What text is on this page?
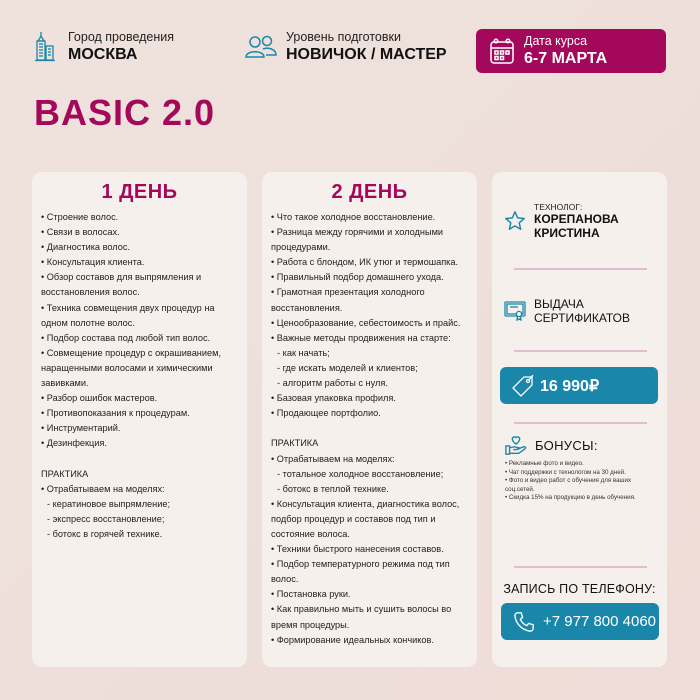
Город проведения
МОСКВА
Уровень подготовки
НОВИЧОК / МАСТЕР
Дата курса
6-7 МАРТА
BASIC 2.0
1 ДЕНЬ
• Строение волос.
• Связи в волосах.
• Диагностика волос.
• Консультация клиента.
• Обзор составов для выпрямления и восстановления волос.
• Техника совмещения двух процедур на одном полотне волос.
• Подбор состава под любой тип волос.
• Совмещение процедур с окрашиванием, наращенными волосами и химическими завивками.
• Разбор ошибок мастеров.
• Противопоказания к процедурам.
• Инструментарий.
• Дезинфекция.
ПРАКТИКА
• Отрабатываем на моделях:
- кератиновое выпрямление;
- экспресс восстановление;
- ботокс в горячей технике.
2 ДЕНЬ
• Что такое холодное восстановление.
• Разница между горячими и холодными процедурами.
• Работа с блондом, ИК утюг и термошапка.
• Правильный подбор домашнего ухода.
• Грамотная презентация холодного восстановления.
• Ценообразование, себестоимость и прайс.
• Важные методы продвижения на старте:
- как начать;
- где искать моделей и клиентов;
- алгоритм работы с нуля.
• Базовая упаковка профиля.
• Продающее портфолио.
ПРАКТИКА
• Отрабатываем на моделях:
- тотальное холодное восстановление;
- ботокс в теплой технике.
• Консультация клиента, диагностика волос, подбор процедур и составов под тип и состояние волоса.
• Техники быстрого нанесения составов.
• Подбор температурного режима под тип волос.
• Постановка руки.
• Как правильно мыть и сушить волосы во время процедуры.
• Формирование идеальных кончиков.
ТЕХНОЛОГ:
КОРЕПАНОВА
КРИСТИНА
ВЫДАЧА
СЕРТИФИКАТОВ
16 990₽
БОНУСЫ:
• Рекламные фото и видео.
• Чат поддержки с технологом на 30 дней.
• Фото и видео работ с обучения для ваших соц.сетей.
• Скидка 15% на продукцию в день обучения.
ЗАПИСЬ ПО ТЕЛЕФОНУ:
+7 977 800 4060
